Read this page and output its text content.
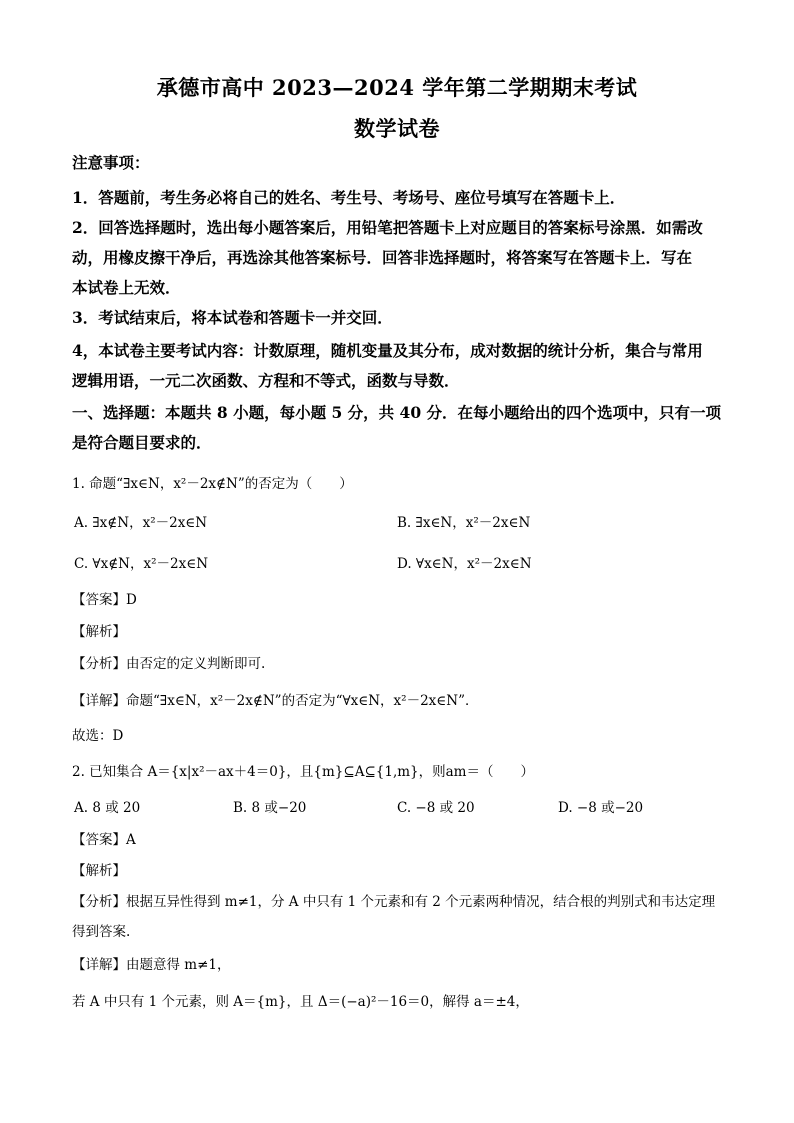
承德市高中 2023—2024 学年第二学期期末考试
数学试卷
注意事项：
1．答题前，考生务必将自己的姓名、考生号、考场号、座位号填写在答题卡上．
2．回答选择题时，选出每小题答案后，用铅笔把答题卡上对应题目的答案标号涂黑．如需改
动，用橡皮擦干净后，再选涂其他答案标号．回答非选择题时，将答案写在答题卡上．写在
本试卷上无效．
3．考试结束后，将本试卷和答题卡一并交回．
4，本试卷主要考试内容：计数原理，随机变量及其分布，成对数据的统计分析，集合与常用
逻辑用语，一元二次函数、方程和不等式，函数与导数．
一、选择题：本题共 8 小题，每小题 5 分，共 40 分．在每小题给出的四个选项中，只有一项
是符合题目要求的．
1. 命题“∃x∈N，x²－2x∉N”的否定为（　　）
A. ∃x∉N，x²－2x∈N	B. ∃x∈N，x²－2x∈N
C. ∀x∉N，x²－2x∈N	D. ∀x∈N，x²－2x∈N
【答案】D
【解析】
【分析】由否定的定义判断即可.
【详解】命题“∃x∈N，x²－2x∉N”的否定为“∀x∈N，x²－2x∈N”．
故选：D
2. 已知集合 A＝{x|x²－ax＋4＝0}，且{m}⊆A⊆{1,m}，则am＝（　　）
A. 8 或 20	B. 8 或−20	C. −8 或 20	D. −8 或−20
【答案】A
【解析】
【分析】根据互异性得到 m≠1，分 A 中只有 1 个元素和有 2 个元素两种情况，结合根的判别式和韦达定理
得到答案.
【详解】由题意得 m≠1，
若 A 中只有 1 个元素，则 A＝{m}，且 Δ＝(−a)²－16＝0，解得 a＝±4，
